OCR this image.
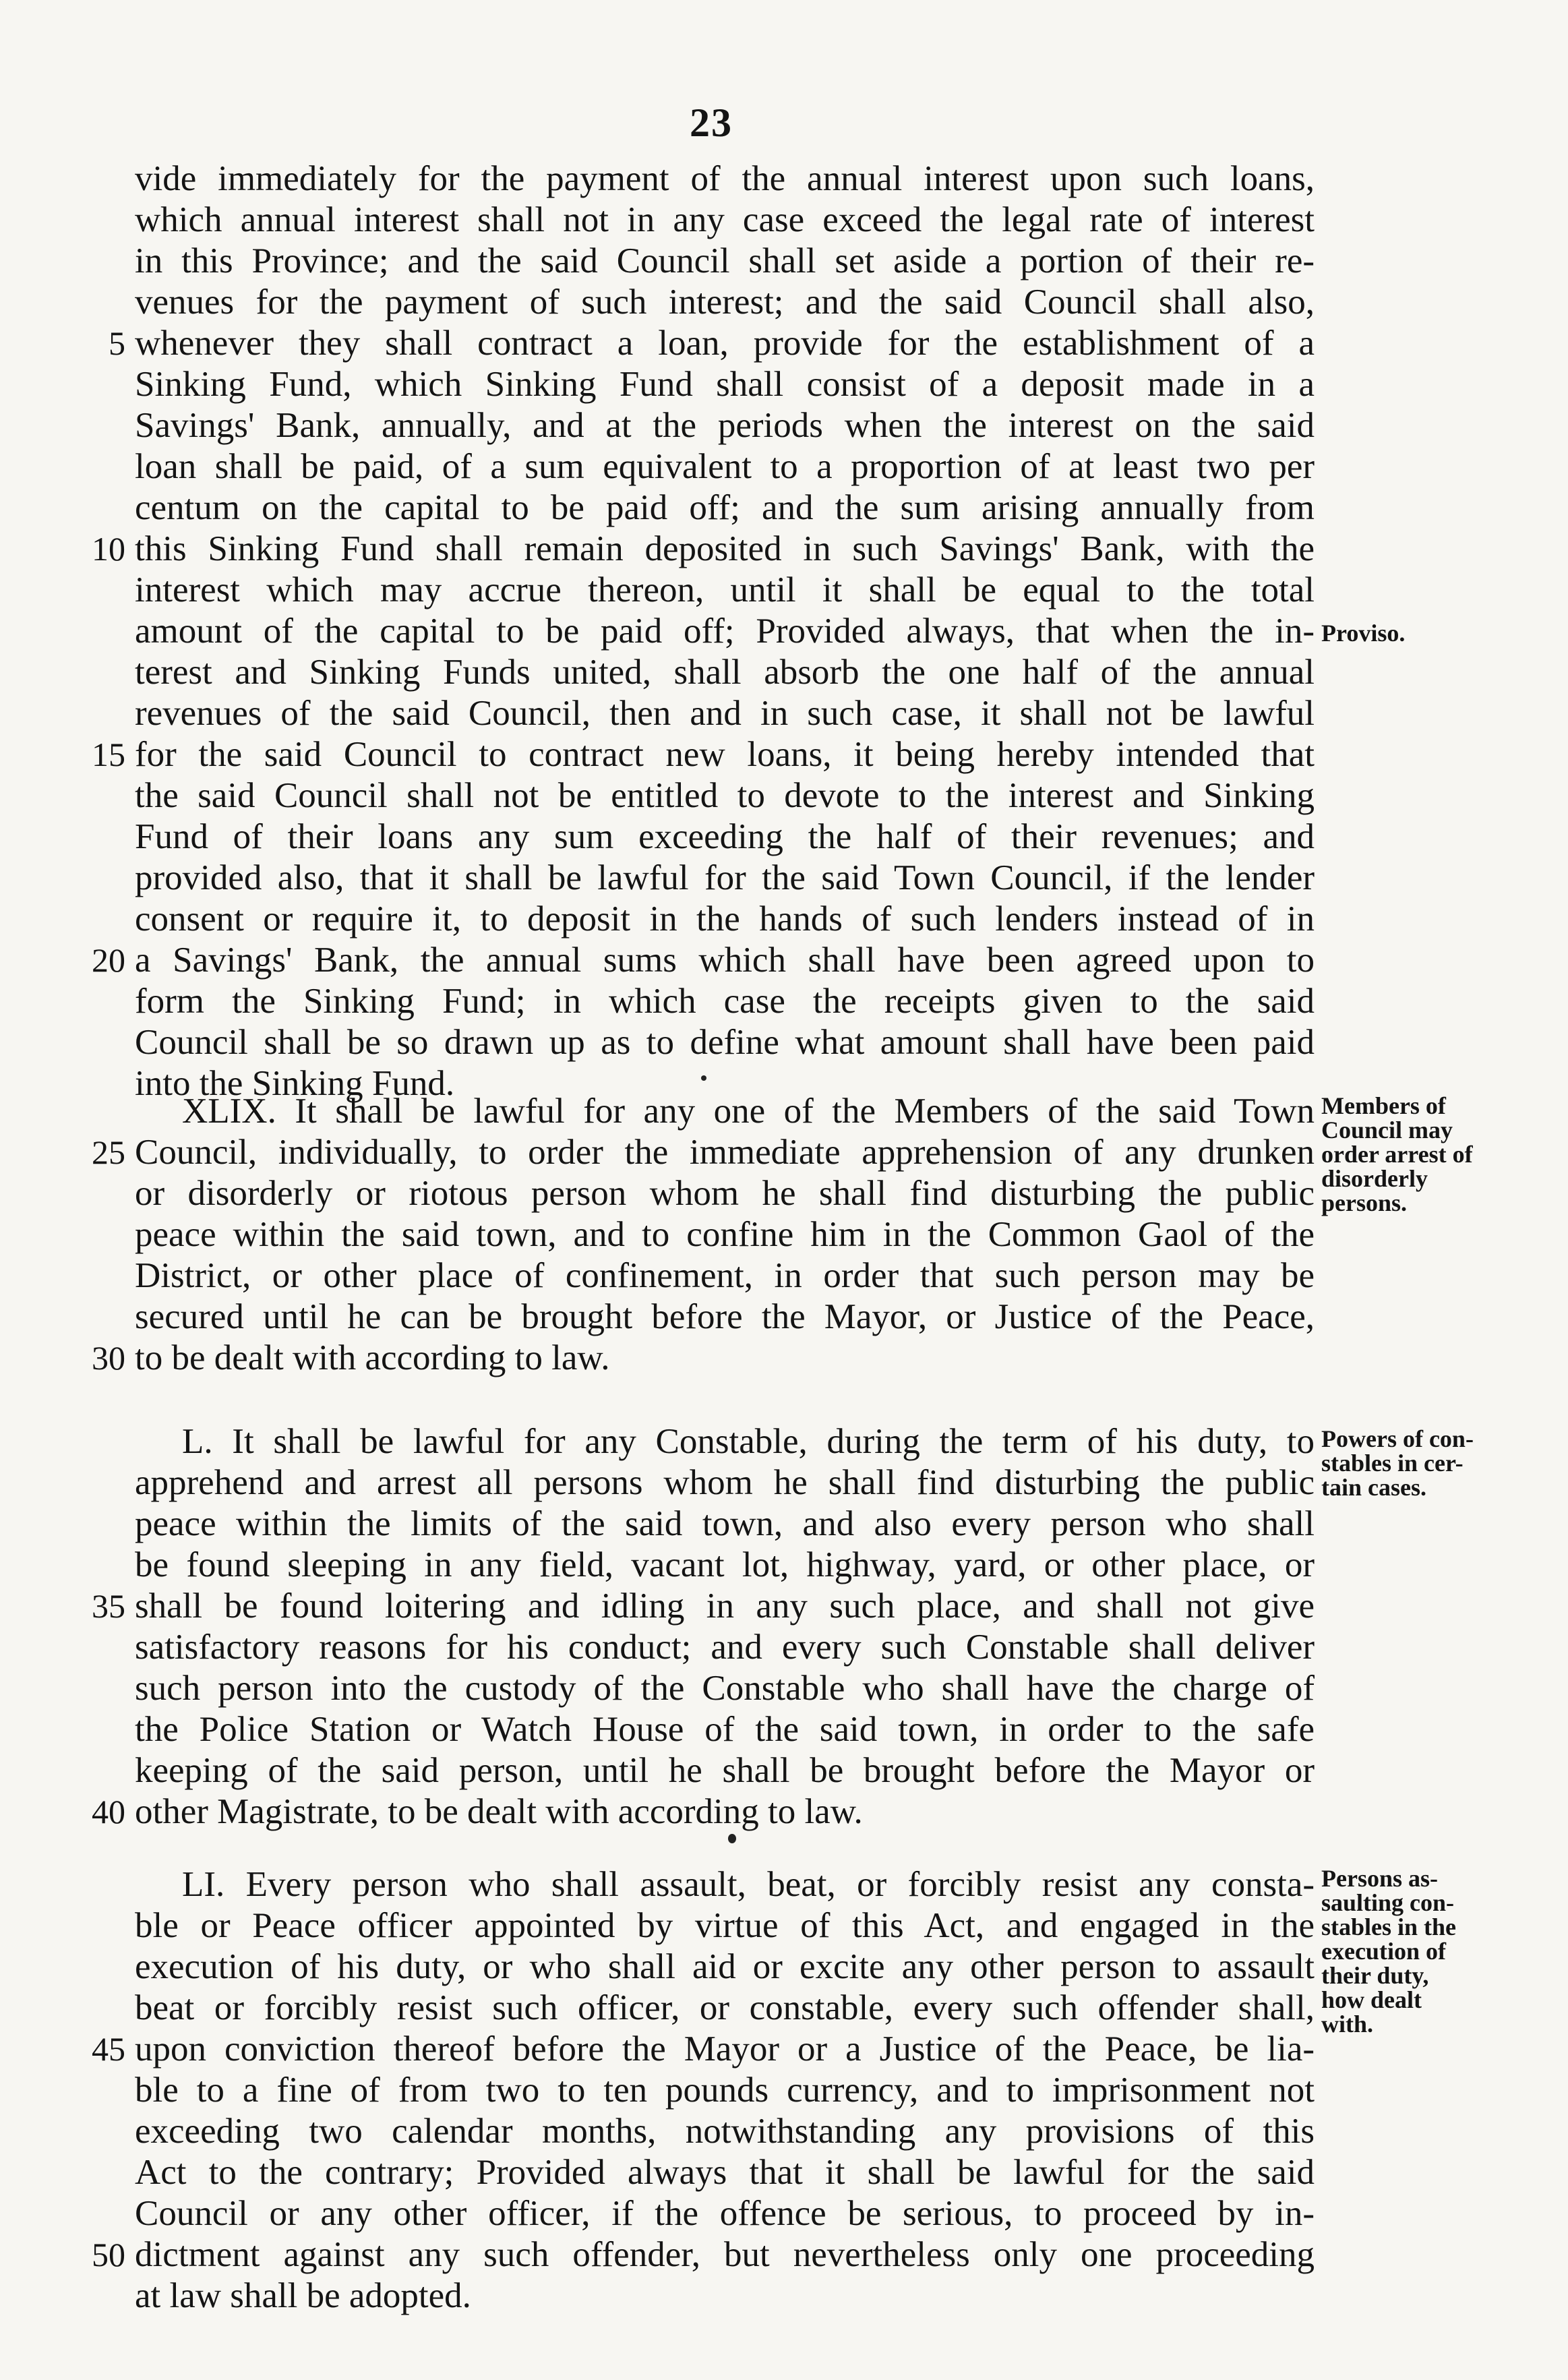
23
vide immediately for the payment of the annual interest upon such loans,
which annual interest shall not in any case exceed the legal rate of interest
in this Province; and the said Council shall set aside a portion of their re-
venues for the payment of such interest; and the said Council shall also,
whenever they shall contract a loan, provide for the establishment of a
Sinking Fund, which Sinking Fund shall consist of a deposit made in a
Savings' Bank, annually, and at the periods when the interest on the said
loan shall be paid, of a sum equivalent to a proportion of at least two per
centum on the capital to be paid off; and the sum arising annually from
this Sinking Fund shall remain deposited in such Savings' Bank, with the
interest which may accrue thereon, until it shall be equal to the total
amount of the capital to be paid off; Provided always, that when the in-
terest and Sinking Funds united, shall absorb the one half of the annual
revenues of the said Council, then and in such case, it shall not be lawful
for the said Council to contract new loans, it being hereby intended that
the said Council shall not be entitled to devote to the interest and Sinking
Fund of their loans any sum exceeding the half of their revenues; and
provided also, that it shall be lawful for the said Town Council, if the lender
consent or require it, to deposit in the hands of such lenders instead of in
a Savings' Bank, the annual sums which shall have been agreed upon to
form the Sinking Fund; in which case the receipts given to the said
Council shall be so drawn up as to define what amount shall have been paid
into the Sinking Fund.
XLIX. It shall be lawful for any one of the Members of the said Town
Council, individually, to order the immediate apprehension of any drunken
or disorderly or riotous person whom he shall find disturbing the public
peace within the said town, and to confine him in the Common Gaol of the
District, or other place of confinement, in order that such person may be
secured until he can be brought before the Mayor, or Justice of the Peace,
to be dealt with according to law.
L. It shall be lawful for any Constable, during the term of his duty, to
apprehend and arrest all persons whom he shall find disturbing the public
peace within the limits of the said town, and also every person who shall
be found sleeping in any field, vacant lot, highway, yard, or other place, or
shall be found loitering and idling in any such place, and shall not give
satisfactory reasons for his conduct; and every such Constable shall deliver
such person into the custody of the Constable who shall have the charge of
the Police Station or Watch House of the said town, in order to the safe
keeping of the said person, until he shall be brought before the Mayor or
other Magistrate, to be dealt with according to law.
LI. Every person who shall assault, beat, or forcibly resist any consta-
ble or Peace officer appointed by virtue of this Act, and engaged in the
execution of his duty, or who shall aid or excite any other person to assault
beat or forcibly resist such officer, or constable, every such offender shall,
upon conviction thereof before the Mayor or a Justice of the Peace, be lia-
ble to a fine of from two to ten pounds currency, and to imprisonment not
exceeding two calendar months, notwithstanding any provisions of this
Act to the contrary; Provided always that it shall be lawful for the said
Council or any other officer, if the offence be serious, to proceed by in-
dictment against any such offender, but nevertheless only one proceeding
at law shall be adopted.
5
10
15
20
25
30
35
40
45
50
Proviso.
Members of
Council may
order arrest of
disorderly
persons.
Powers of con-
stables in cer-
tain cases.
Persons as-
saulting con-
stables in the
execution of
their duty,
how dealt
with.
